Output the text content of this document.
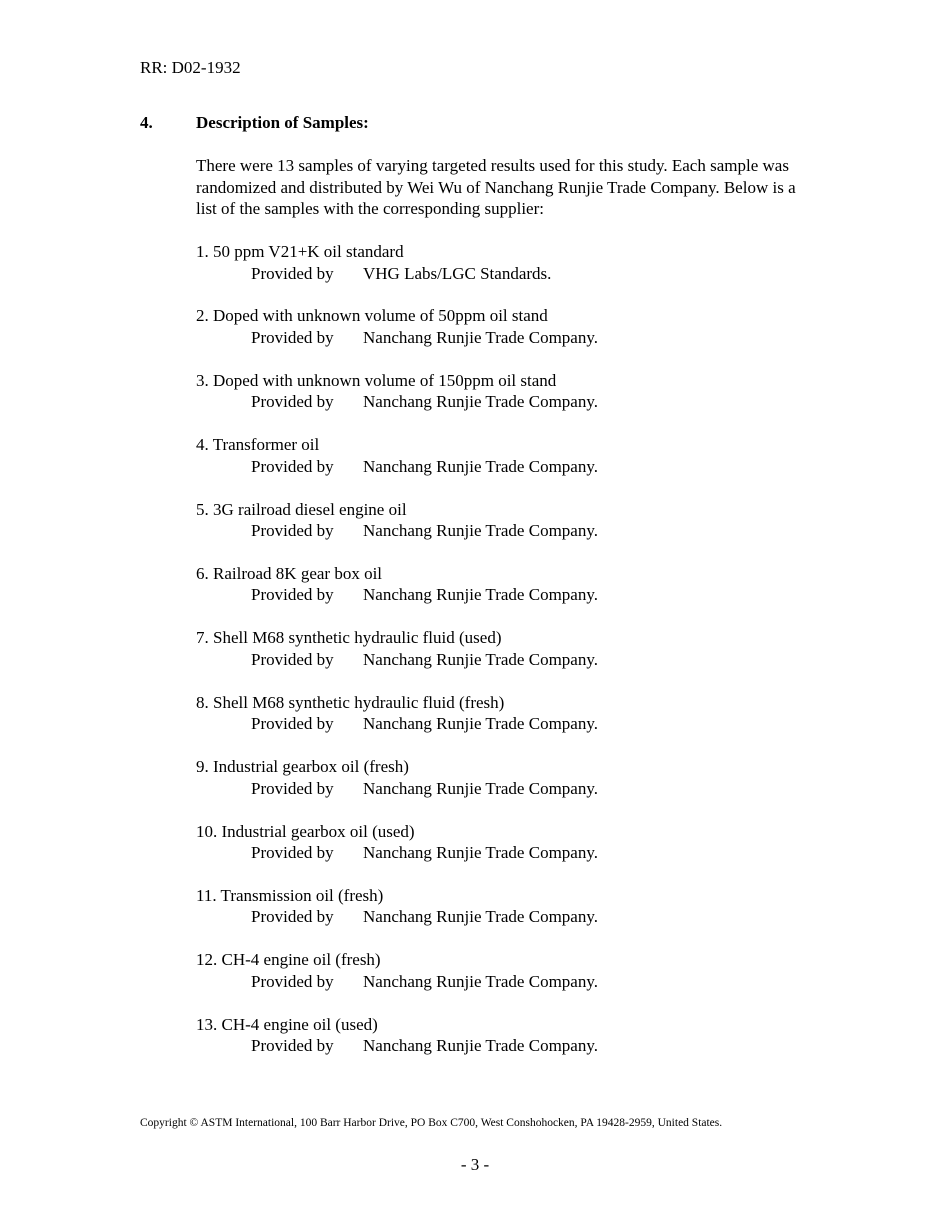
RR: D02-1932
4.	Description of Samples:

There were 13 samples of varying targeted results used for this study. Each sample was randomized and distributed by Wei Wu of Nanchang Runjie Trade Company. Below is a list of the samples with the corresponding supplier:

1. 50 ppm V21+K oil standard
Provided by VHG Labs/LGC Standards.
2. Doped with unknown volume of 50ppm oil stand
Provided by Nanchang Runjie Trade Company.
3. Doped with unknown volume of 150ppm oil stand
Provided by Nanchang Runjie Trade Company.
4. Transformer oil
Provided by Nanchang Runjie Trade Company.
5. 3G railroad diesel engine oil
Provided by Nanchang Runjie Trade Company.
6. Railroad 8K gear box oil
Provided by Nanchang Runjie Trade Company.
7. Shell M68 synthetic hydraulic fluid (used)
Provided by Nanchang Runjie Trade Company.
8. Shell M68 synthetic hydraulic fluid (fresh)
Provided by Nanchang Runjie Trade Company.
9. Industrial gearbox oil (fresh)
Provided by Nanchang Runjie Trade Company.
10. Industrial gearbox oil (used)
Provided by Nanchang Runjie Trade Company.
11. Transmission oil (fresh)
Provided by Nanchang Runjie Trade Company.
12. CH-4 engine oil (fresh)
Provided by Nanchang Runjie Trade Company.
13. CH-4 engine oil (used)
Provided by Nanchang Runjie Trade Company.
Copyright © ASTM International, 100 Barr Harbor Drive, PO Box C700, West Conshohocken, PA 19428-2959, United States.
- 3 -
